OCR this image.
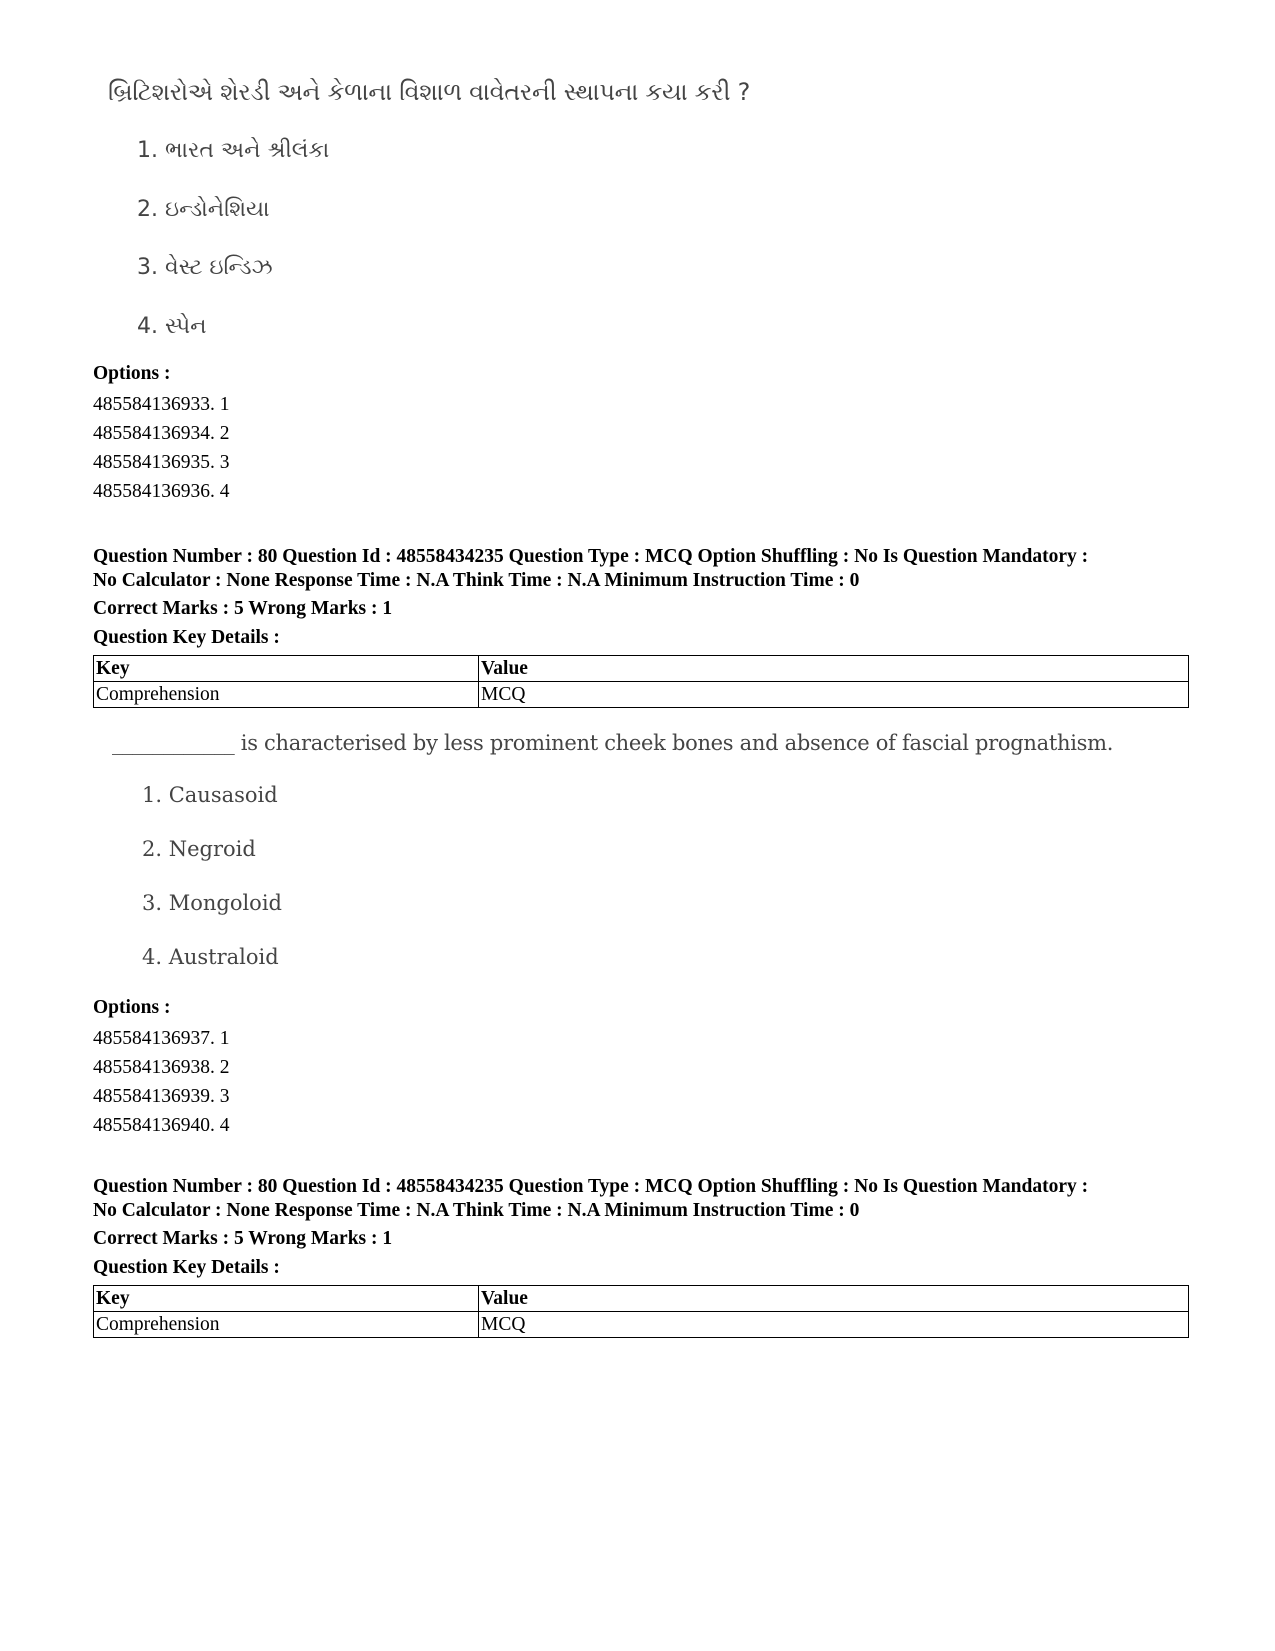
બ્રિટિશરોએ શેરડી અને કેળાના વિશાળ વાવેતરની સ્થાપના કયા કરી ?
1. ભારત અને શ્રીલંકા
2. ઇન્ડોનેશિયા
3. વેસ્ટ ઇન્ડિઝ
4. સ્પેન
Options :
485584136933. 1
485584136934. 2
485584136935. 3
485584136936. 4
Question Number : 80 Question Id : 48558434235 Question Type : MCQ Option Shuffling : No Is Question Mandatory :
No Calculator : None Response Time : N.A Think Time : N.A Minimum Instruction Time : 0
Correct Marks : 5 Wrong Marks : 1
Question Key Details :
Key	Value
Comprehension	MCQ
____________ is characterised by less prominent cheek bones and absence of fascial prognathism.
1. Causasoid
2. Negroid
3. Mongoloid
4. Australoid
Options :
485584136937. 1
485584136938. 2
485584136939. 3
485584136940. 4
Question Number : 80 Question Id : 48558434235 Question Type : MCQ Option Shuffling : No Is Question Mandatory :
No Calculator : None Response Time : N.A Think Time : N.A Minimum Instruction Time : 0
Correct Marks : 5 Wrong Marks : 1
Question Key Details :
Key	Value
Comprehension	MCQ
